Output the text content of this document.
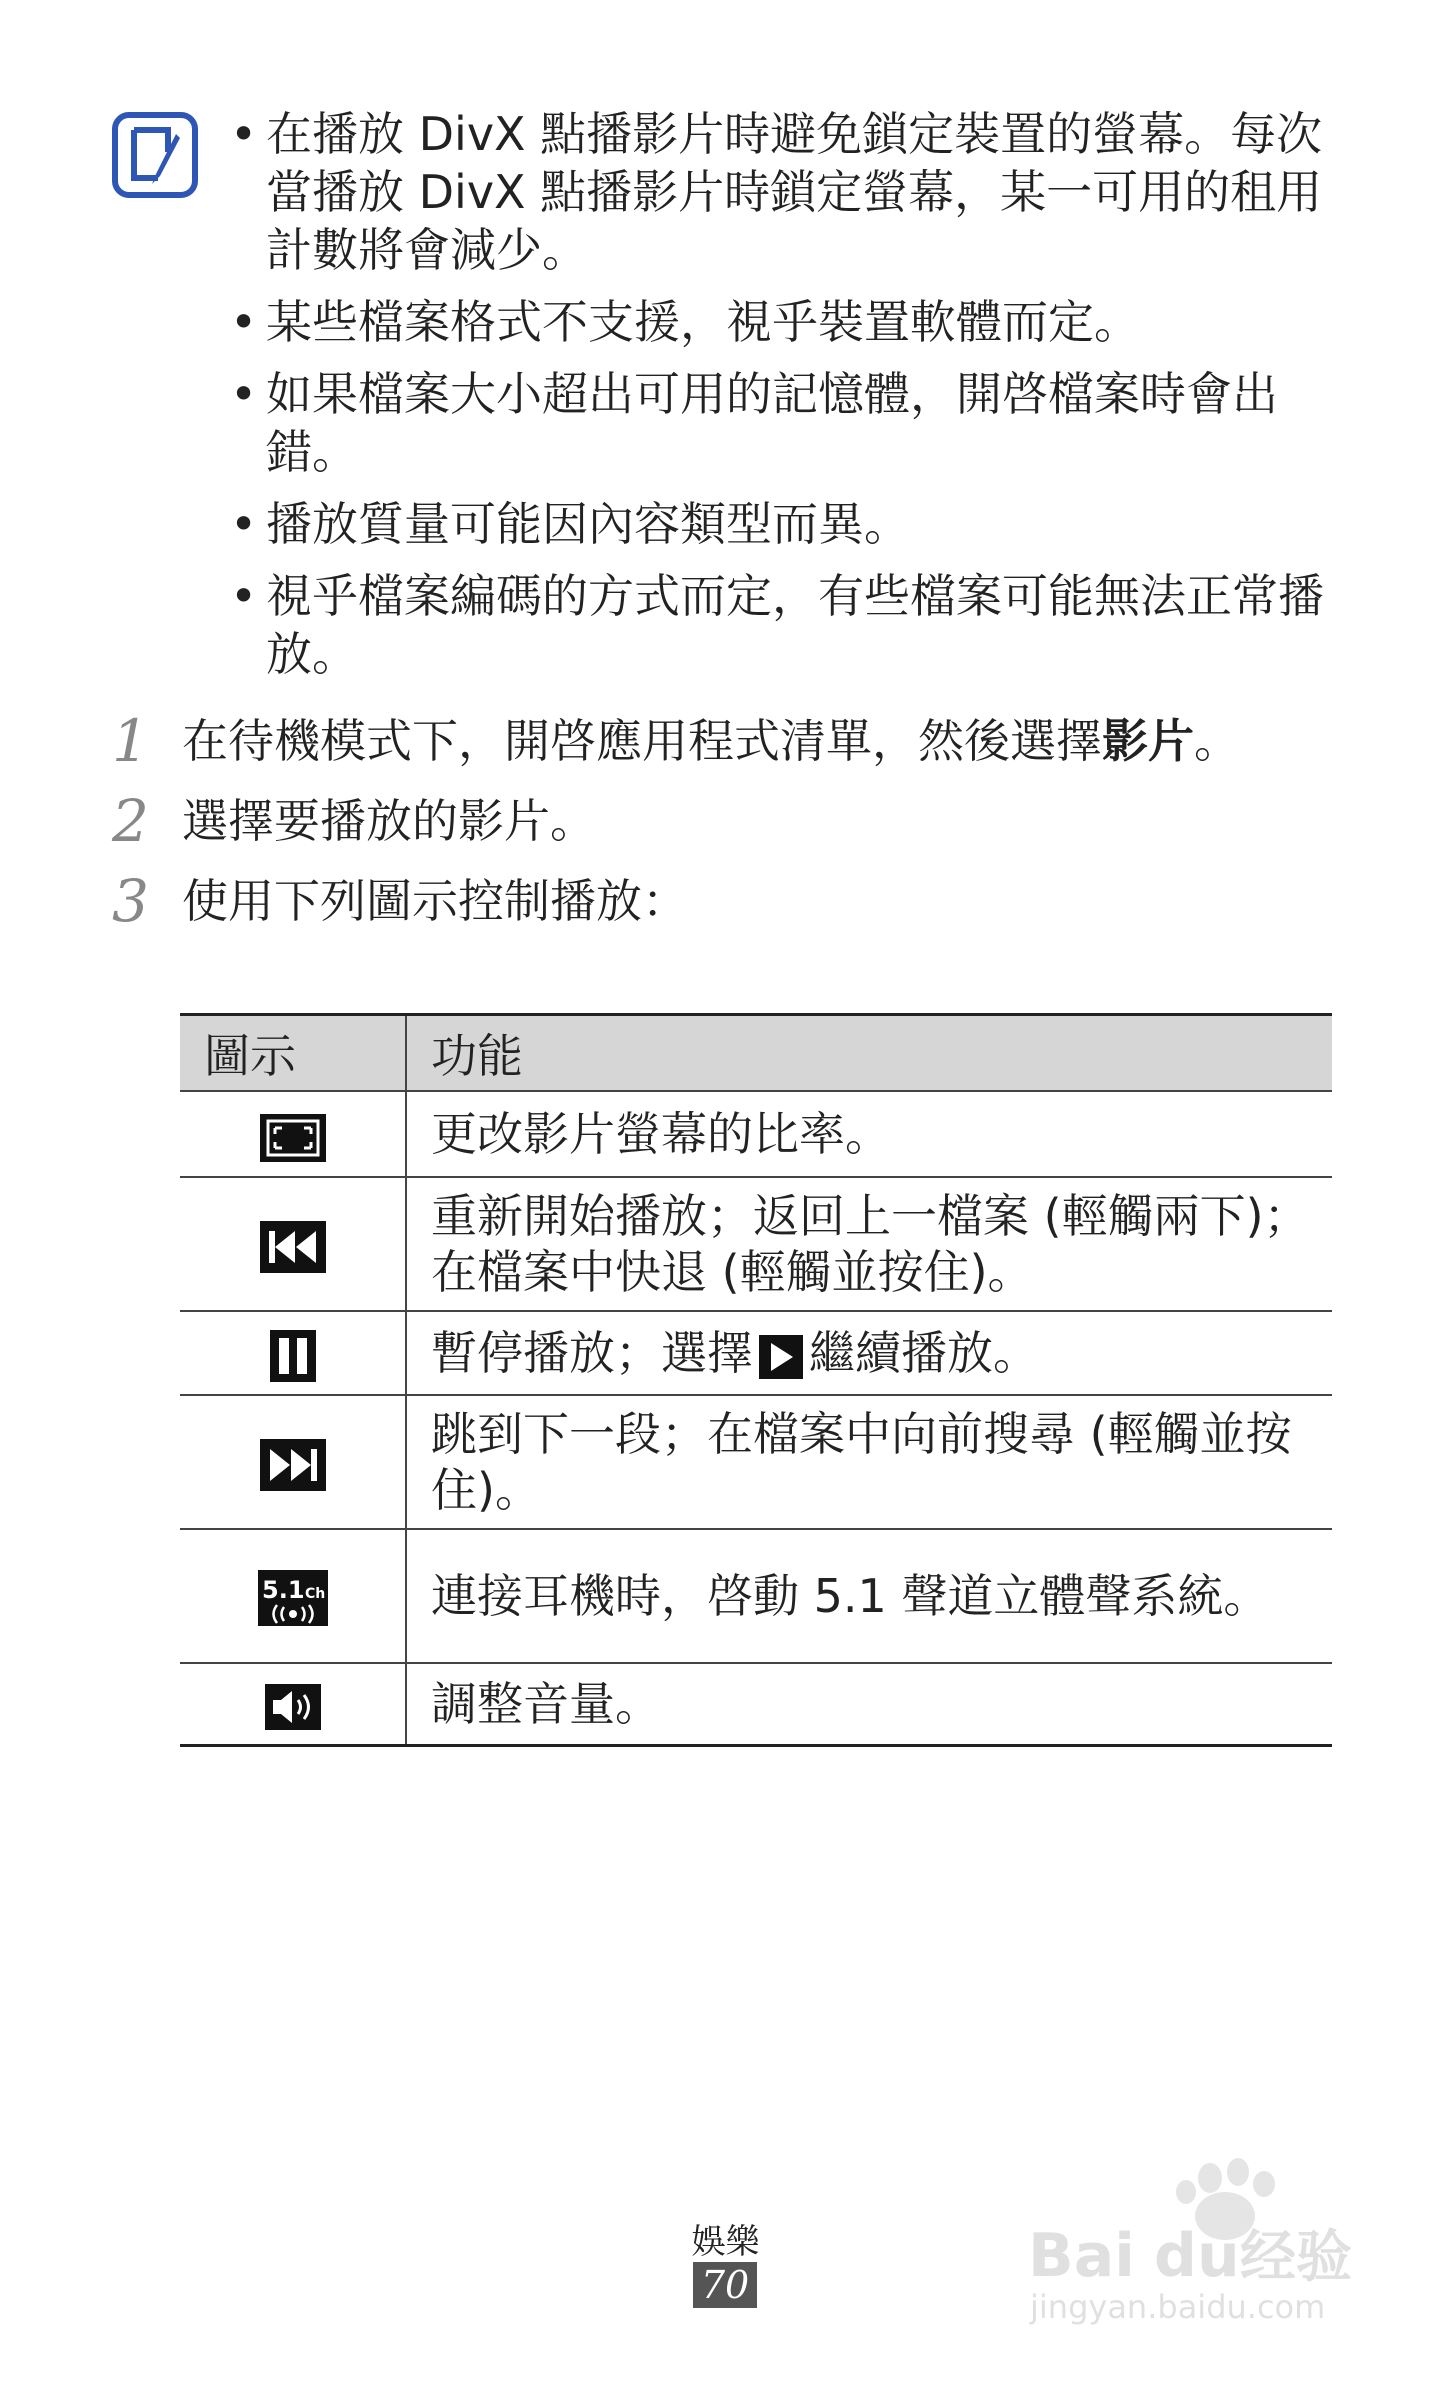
• 在播放 DivX 點播影片時避免鎖定裝置的螢幕。每次當播放 DivX 點播影片時鎖定螢幕，某一可用的租用計數將會減少。
• 某些檔案格式不支援，視乎裝置軟體而定。
• 如果檔案大小超出可用的記憶體，開啓檔案時會出錯。
• 播放質量可能因內容類型而異。
• 視乎檔案編碼的方式而定，有些檔案可能無法正常播放。
1 在待機模式下，開啓應用程式清單，然後選擇影片。
2 選擇要播放的影片。
3 使用下列圖示控制播放：
圖示	功能
	更改影片螢幕的比率。
	重新開始播放；返回上一檔案 (輕觸兩下)；在檔案中快退 (輕觸並按住)。
	暫停播放；選擇 繼續播放。
	跳到下一段；在檔案中向前搜尋 (輕觸並按住)。

5.1 Ch	連接耳機時，啓動 5.1 聲道立體聲系統。
	調整音量。
娛樂
70	Bai du 经验
jingyan.baidu.com
